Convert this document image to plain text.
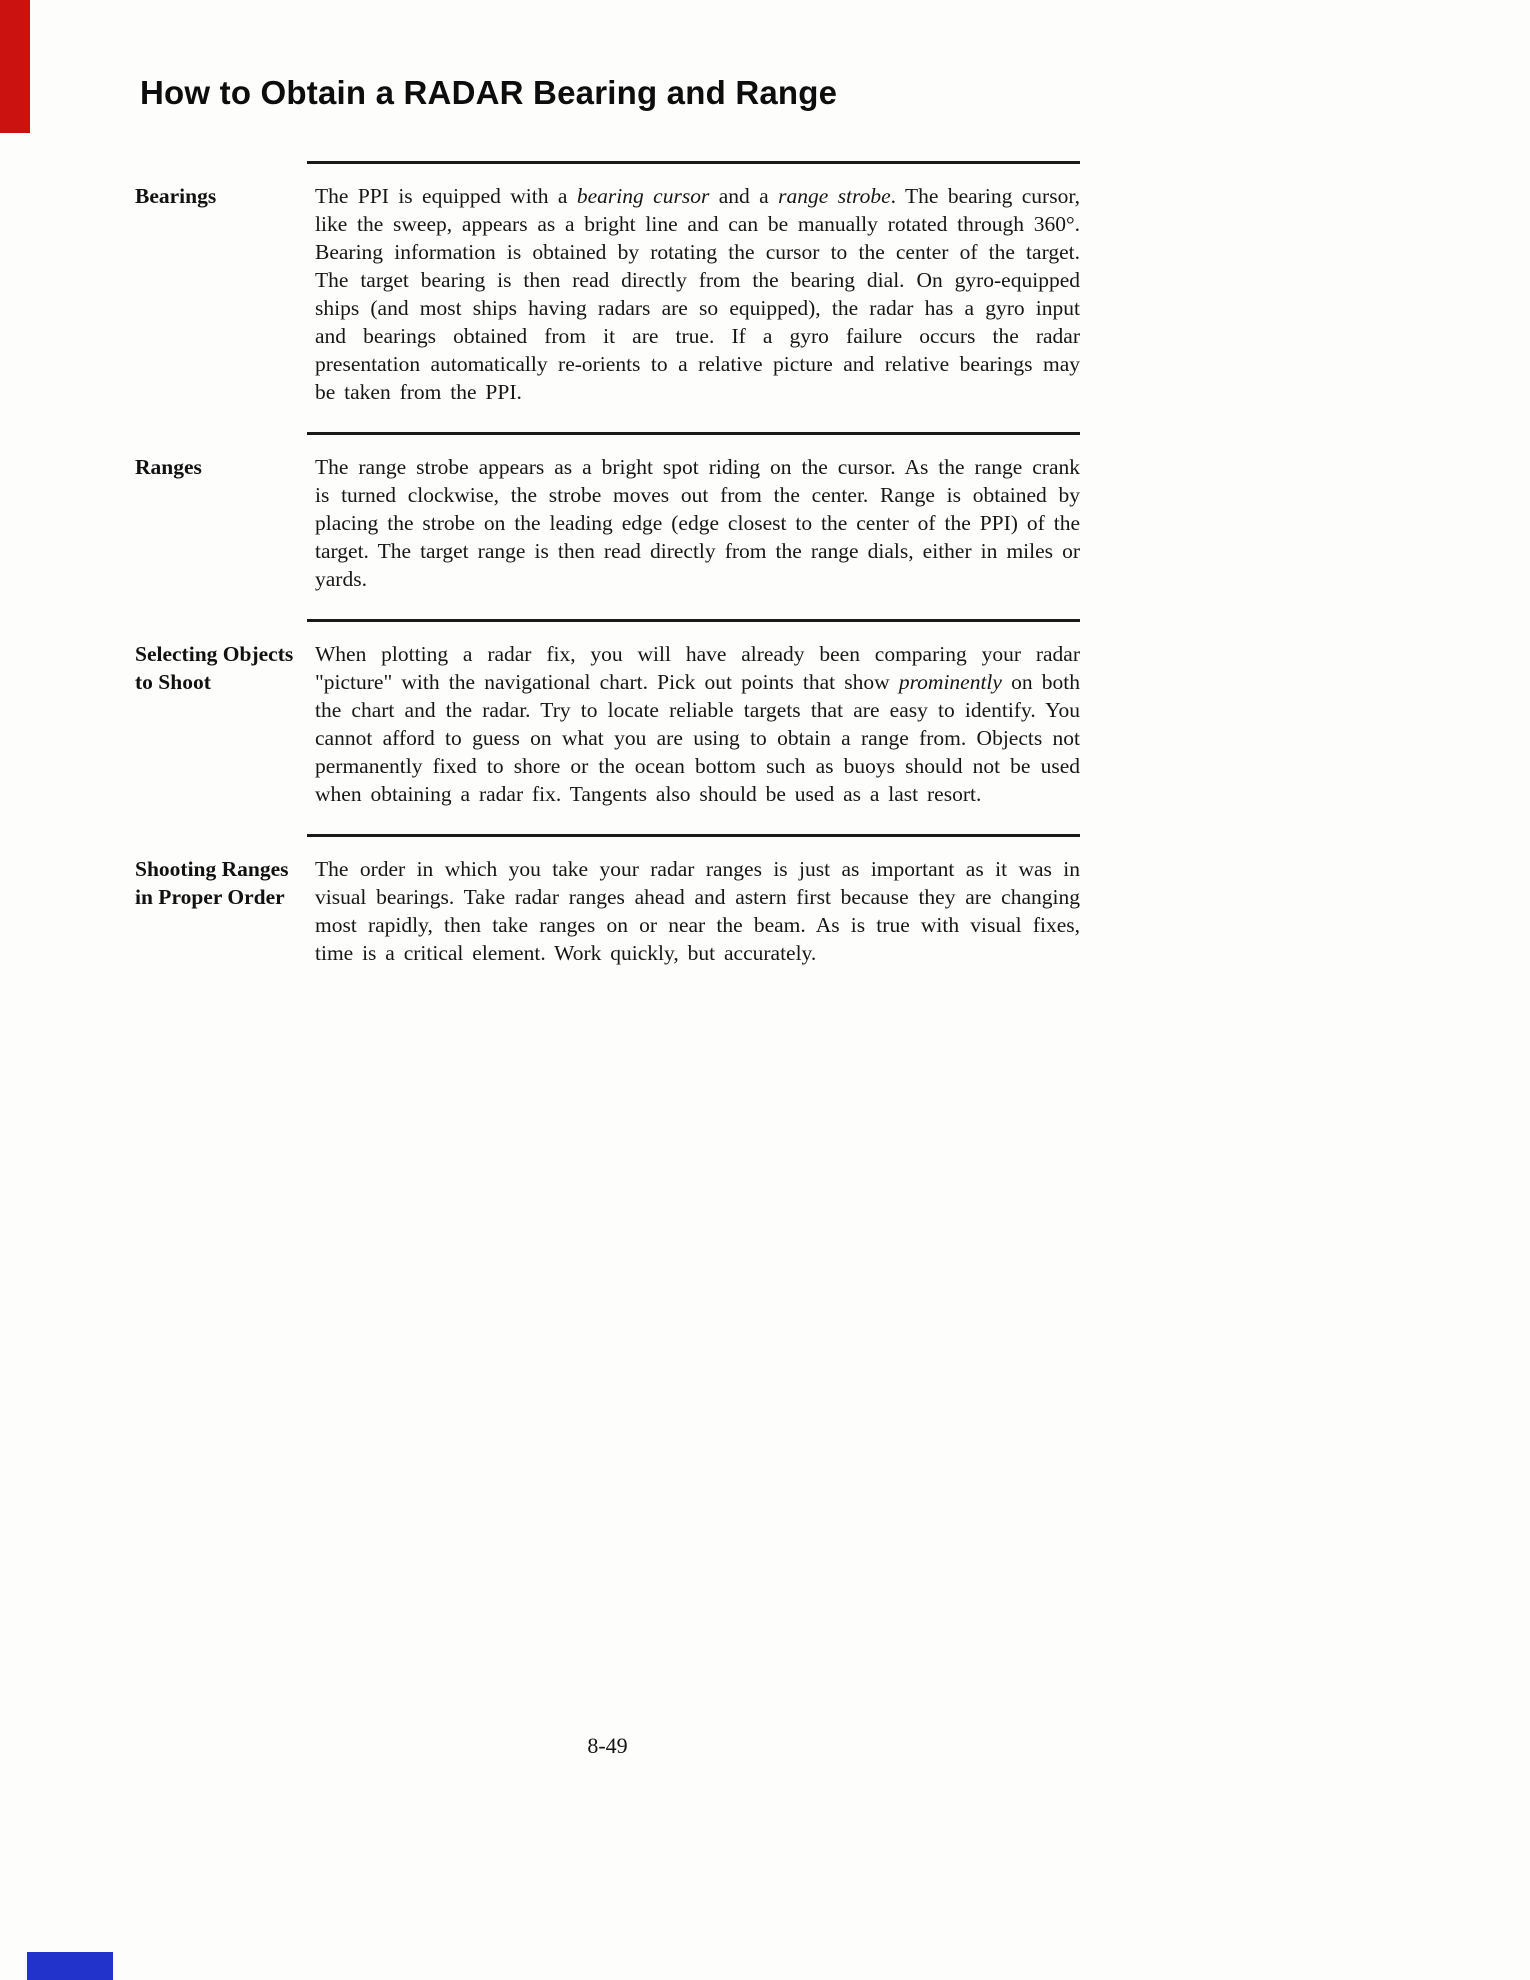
How to Obtain a RADAR Bearing and Range
Bearings	The PPI is equipped with a bearing cursor and a range strobe. The bearing cursor, like the sweep, appears as a bright line and can be manually rotated through 360°. Bearing information is obtained by rotating the cursor to the center of the target. The target bearing is then read directly from the bearing dial. On gyro-equipped ships (and most ships having radars are so equipped), the radar has a gyro input and bearings obtained from it are true. If a gyro failure occurs the radar presentation automatically re-orients to a relative picture and relative bearings may be taken from the PPI.

Ranges	The range strobe appears as a bright spot riding on the cursor. As the range crank is turned clockwise, the strobe moves out from the center. Range is obtained by placing the strobe on the leading edge (edge closest to the center of the PPI) of the target. The target range is then read directly from the range dials, either in miles or yards.

Selecting Objects to Shoot

When plotting a radar fix, you will have already been comparing your radar "picture" with the navigational chart. Pick out points that show prominently on both the chart and the radar. Try to locate reliable targets that are easy to identify. You cannot afford to guess on what you are using to obtain a range from. Objects not permanently fixed to shore or the ocean bottom such as buoys should not be used when obtaining a radar fix. Tangents also should be used as a last resort.

Shooting Ranges in Proper Order

The order in which you take your radar ranges is just as important as it was in visual bearings. Take radar ranges ahead and astern first because they are changing most rapidly, then take ranges on or near the beam. As is true with visual fixes, time is a critical element. Work quickly, but accurately.

8-49
